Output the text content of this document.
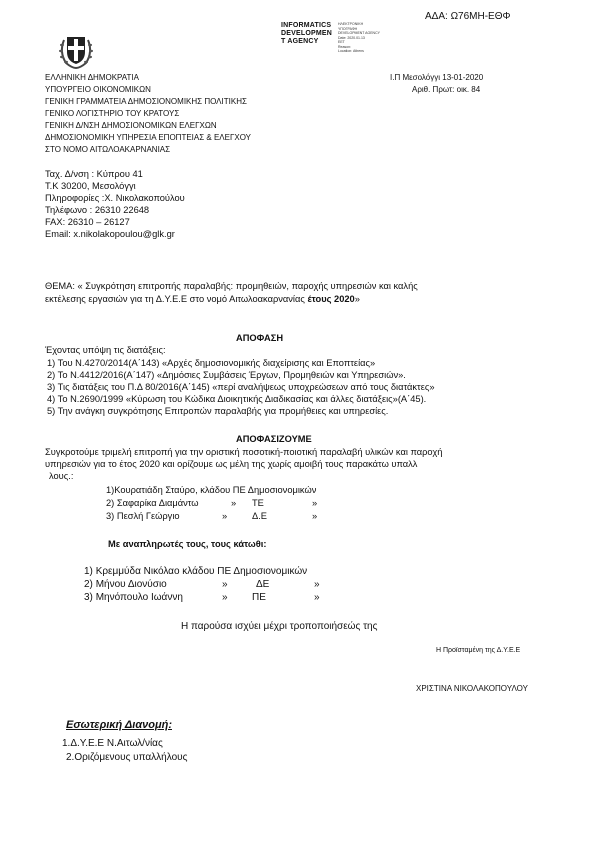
ΑΔΑ: Ω76ΜΗ-ΕΘΦ
INFORMATICS
DEVELOPMEN
T AGENCY
ΗΛΕΚΤΡΟΝΙΚΗ
ΥΠΟΓΡΑΦΗ
DEVELOPMENT AGENCY
Date: 2020.01.13
EET
Reason:
Location: Athens
ΕΛΛΗΝΙΚΗ ΔΗΜΟΚΡΑΤΙΑ
ΥΠΟΥΡΓΕΙΟ ΟΙΚΟΝΟΜΙΚΩΝ
ΓΕΝΙΚΗ ΓΡΑΜΜΑΤΕΙΑ ΔΗΜΟΣΙΟΝΟΜΙΚΗΣ ΠΟΛΙΤΙΚΗΣ
ΓΕΝΙΚΟ ΛΟΓΙΣΤΗΡΙΟ ΤΟΥ ΚΡΑΤΟΥΣ
ΓΕΝΙΚΗ Δ/ΝΣΗ ΔΗΜΟΣΙΟΝΟΜΙΚΩΝ ΕΛΕΓΧΩΝ
ΔΗΜΟΣΙΟΝΟΜΙΚΗ ΥΠΗΡΕΣΙΑ ΕΠΟΠΤΕΙΑΣ & ΕΛΕΓΧΟΥ
ΣΤΟ ΝΟΜΟ ΑΙΤΩΛΟΑΚΑΡΝΑΝΙΑΣ
Ι.Π Μεσολόγγι 13-01-2020
Αριθ. Πρωτ: οικ. 84
Ταχ. Δ/νση : Κύπρου 41
Τ.Κ 30200, Μεσολόγγι
Πληροφορίες :Χ. Νικολακοπούλου
Τηλέφωνο : 26310 22648
FAX: 26310 – 26127
Email: x.nikolakopoulou@glk.gr
ΘΕΜΑ: « Συγκρότηση επιτροπής παραλαβής: προμηθειών, παροχής υπηρεσιών και καλής
εκτέλεσης εργασιών για τη Δ.Υ.Ε.Ε στο νομό Αιτωλοακαρνανίας έτους 2020»
ΑΠΟΦΑΣΗ
Έχοντας υπόψη τις διατάξεις:
1) Του Ν.4270/2014(Α΄143) «Αρχές δημοσιονομικής διαχείρισης και Εποπτείας»
2) Το Ν.4412/2016(Α΄147) «Δημόσιες Συμβάσεις Έργων, Προμηθειών και Υπηρεσιών».
3) Τις διατάξεις του Π.Δ 80/2016(Α΄145) «περί αναλήψεως υποχρεώσεων από τους διατάκτες»
4) Το Ν.2690/1999 «Κύρωση του Κώδικα Διοικητικής Διαδικασίας και άλλες διατάξεις»(Α΄45).
5) Την ανάγκη συγκρότησης Επιτροπών παραλαβής για προμήθειες και υπηρεσίες.
ΑΠΟΦΑΣΙΖΟΥΜΕ
Συγκροτούμε τριμελή επιτροπή για την οριστική ποσοτική-ποιοτική παραλαβή υλικών και παροχή
υπηρεσιών για το έτος 2020 και ορίζουμε ως μέλη της χωρίς αμοιβή τους παρακάτω υπαλλ
λους.:
1)Κουρατιάδη Σταύρο, κλάδου ΠΕ Δημοσιονομικών
2) Σαφαρίκα Διαμάντω	» ΤΕ	»
3) Πεσλή Γεώργιο	»	Δ.Ε	»
Με αναπληρωτές τους, τους κάτωθι:
1) Κρεμμύδα Νικόλαο κλάδου ΠΕ Δημοσιονομικών
2) Μήνου Διονύσιο	»	ΔΕ	»
3) Μηνόπουλο Ιωάννη	» ΠΕ	»
Η παρούσα ισχύει μέχρι τροποποιήσεώς της
Η Προϊσταμένη της Δ.Υ.Ε.Ε
ΧΡΙΣΤΙΝΑ ΝΙΚΟΛΑΚΟΠΟΥΛΟΥ
Εσωτερική Διανομή:
1.Δ.Υ.Ε.Ε Ν.Αιτωλ/νίας
2.Οριζόμενους υπαλλήλους
